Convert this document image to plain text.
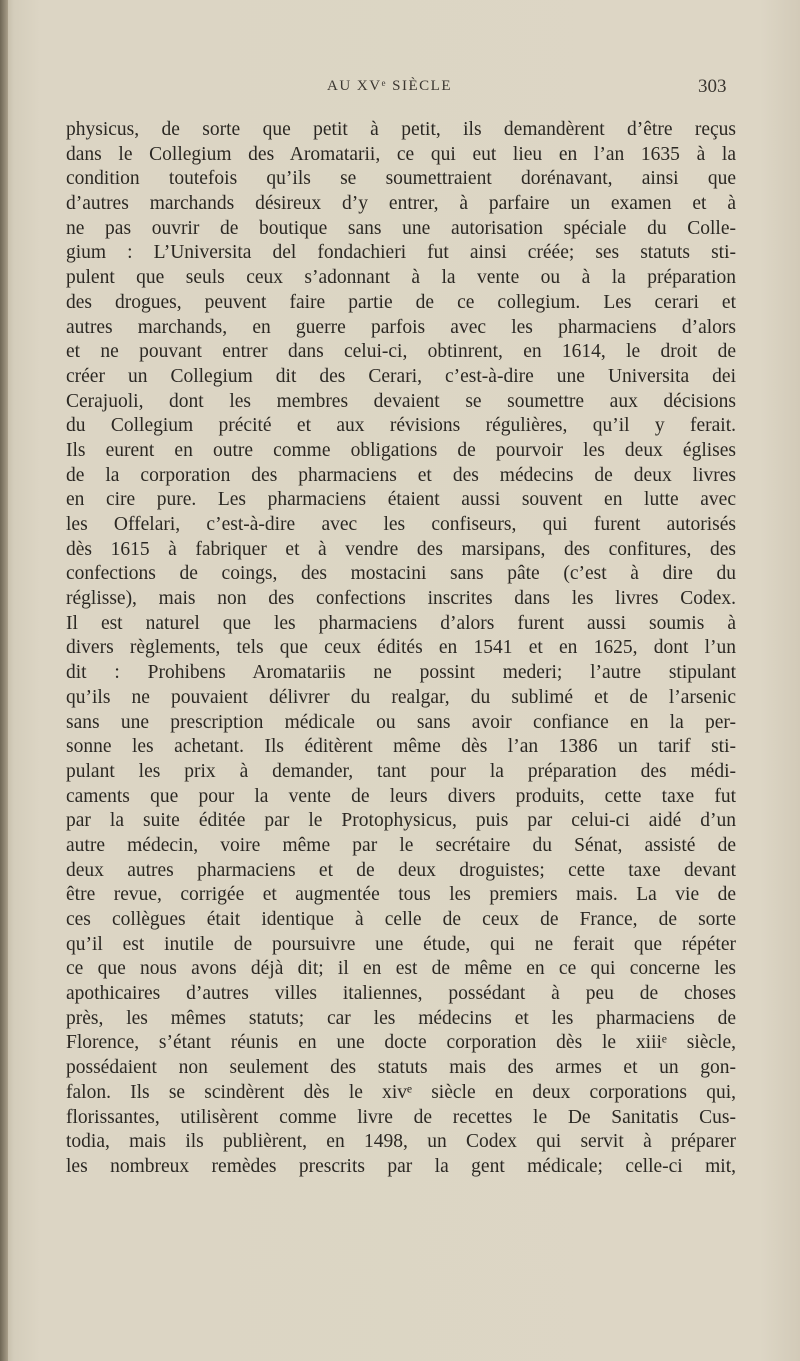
AU XVᵉ SIÈCLE	303
physicus, de sorte que petit à petit, ils demandèrent d’être reçus
dans le Collegium des Aromatarii, ce qui eut lieu en l’an 1635 à la
condition toutefois qu’ils se soumettraient dorénavant, ainsi que
d’autres marchands désireux d’y entrer, à parfaire un examen et à
ne pas ouvrir de boutique sans une autorisation spéciale du Colle-
gium : L’Universita del fondachieri fut ainsi créée; ses statuts sti-
pulent que seuls ceux s’adonnant à la vente ou à la préparation
des drogues, peuvent faire partie de ce collegium. Les cerari et
autres marchands, en guerre parfois avec les pharmaciens d’alors
et ne pouvant entrer dans celui-ci, obtinrent, en 1614, le droit de
créer un Collegium dit des Cerari, c’est-à-dire une Universita dei
Cerajuoli, dont les membres devaient se soumettre aux décisions
du Collegium précité et aux révisions régulières, qu’il y ferait.
Ils eurent en outre comme obligations de pourvoir les deux églises
de la corporation des pharmaciens et des médecins de deux livres
en cire pure. Les pharmaciens étaient aussi souvent en lutte avec
les Offelari, c’est-à-dire avec les confiseurs, qui furent autorisés
dès 1615 à fabriquer et à vendre des marsipans, des confitures, des
confections de coings, des mostacini sans pâte (c’est à dire du
réglisse), mais non des confections inscrites dans les livres Codex.
Il est naturel que les pharmaciens d’alors furent aussi soumis à
divers règlements, tels que ceux édités en 1541 et en 1625, dont l’un
dit : Prohibens Aromatariis ne possint mederi; l’autre stipulant
qu’ils ne pouvaient délivrer du realgar, du sublimé et de l’arsenic
sans une prescription médicale ou sans avoir confiance en la per-
sonne les achetant. Ils éditèrent même dès l’an 1386 un tarif sti-
pulant les prix à demander, tant pour la préparation des médi-
caments que pour la vente de leurs divers produits, cette taxe fut
par la suite éditée par le Protophysicus, puis par celui-ci aidé d’un
autre médecin, voire même par le secrétaire du Sénat, assisté de
deux autres pharmaciens et de deux droguistes; cette taxe devant
être revue, corrigée et augmentée tous les premiers mais. La vie de
ces collègues était identique à celle de ceux de France, de sorte
qu’il est inutile de poursuivre une étude, qui ne ferait que répéter
ce que nous avons déjà dit; il en est de même en ce qui concerne les
apothicaires d’autres villes italiennes, possédant à peu de choses
près, les mêmes statuts; car les médecins et les pharmaciens de
Florence, s’étant réunis en une docte corporation dès le xiiiᵉ siècle,
possédaient non seulement des statuts mais des armes et un gon-
falon. Ils se scindèrent dès le xivᵉ siècle en deux corporations qui,
florissantes, utilisèrent comme livre de recettes le De Sanitatis Cus-
todia, mais ils publièrent, en 1498, un Codex qui servit à préparer
les nombreux remèdes prescrits par la gent médicale; celle-ci mit,
